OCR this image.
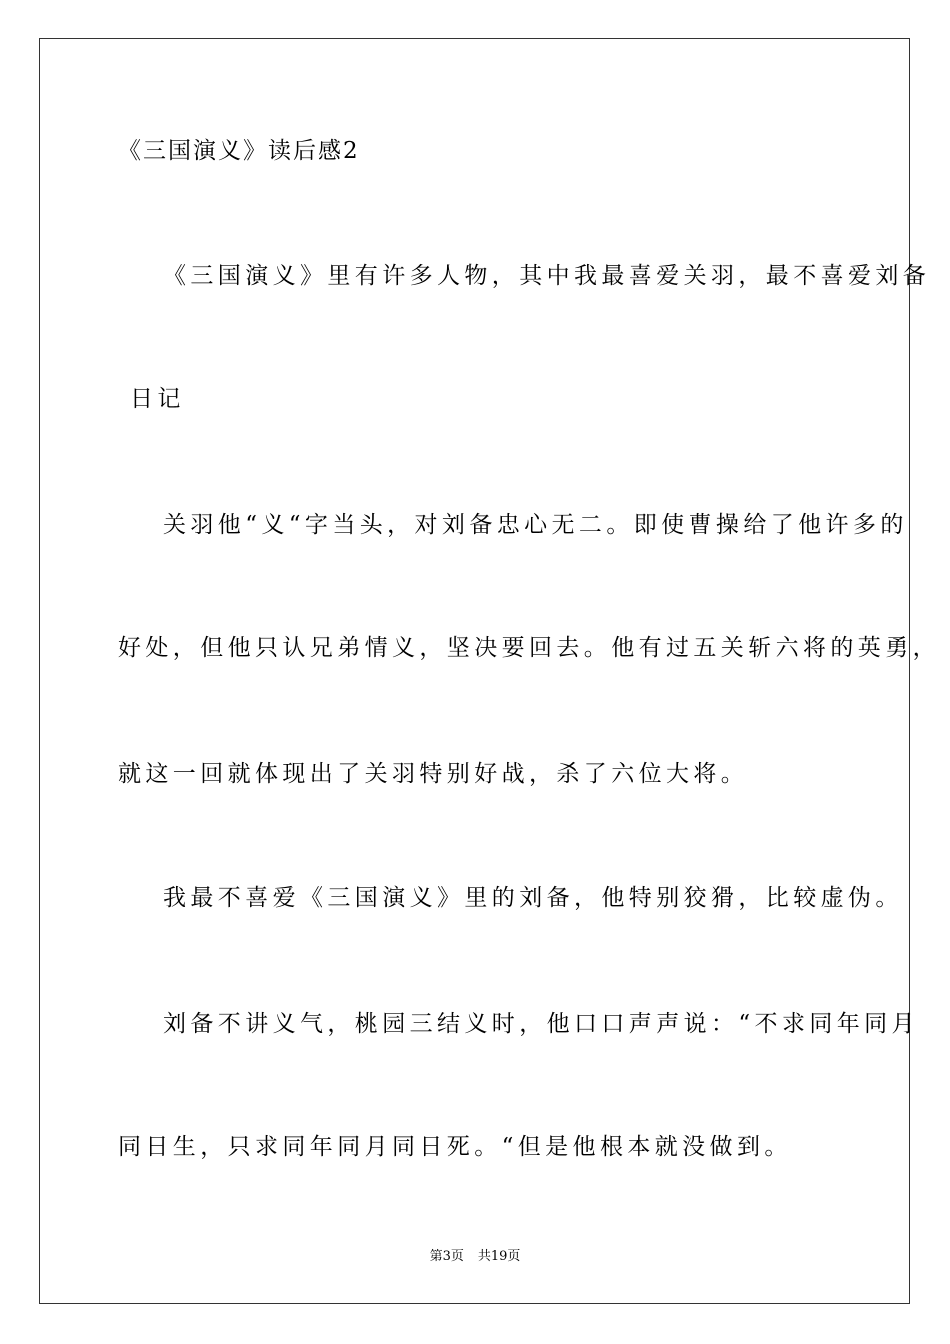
《三国演义》读后感2
《三国演义》里有许多人物，其中我最喜爱关羽，最不喜爱刘备
日记
关羽他“义“字当头，对刘备忠心无二。即使曹操给了他许多的
好处，但他只认兄弟情义，坚决要回去。他有过五关斩六将的英勇，
就这一回就体现出了关羽特别好战，杀了六位大将。
我最不喜爱《三国演义》里的刘备，他特别狡猾，比较虚伪。
刘备不讲义气，桃园三结义时，他口口声声说：“不求同年同月
同日生，只求同年同月同日死。“但是他根本就没做到。
第3页 共19页
